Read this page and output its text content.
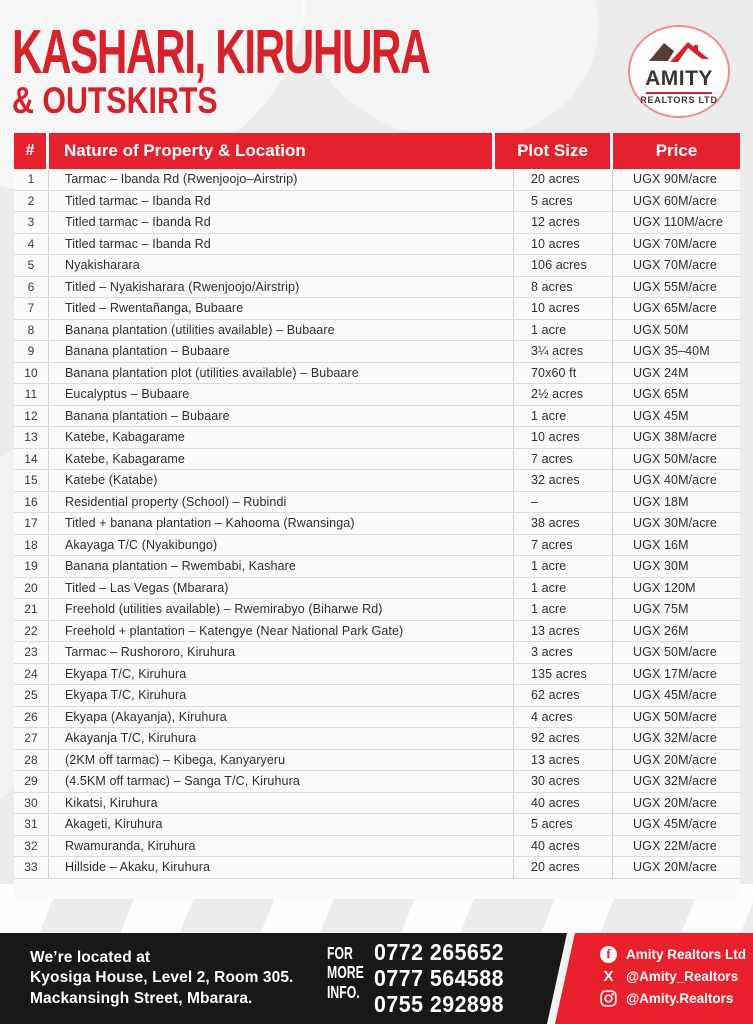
KASHARI, KIRUHURA
& OUTSKIRTS
AMITY
REALTORS LTD
#	Nature of Property & Location	Plot Size	Price
1	Tarmac – Ibanda Rd (Rwenjoojo–Airstrip)	20 acres	UGX 90M/acre
2	Titled tarmac – Ibanda Rd	5 acres	UGX 60M/acre
3	Titled tarmac – Ibanda Rd	12 acres	UGX 110M/acre
4	Titled tarmac – Ibanda Rd	10 acres	UGX 70M/acre
5	Nyakisharara	106 acres	UGX 70M/acre
6	Titled – Nyakisharara (Rwenjoojo/Airstrip)	8 acres	UGX 55M/acre
7	Titled – Rwentañanga, Bubaare	10 acres	UGX 65M/acre
8	Banana plantation (utilities available) – Bubaare	1 acre	UGX 50M
9	Banana plantation – Bubaare	3¼ acres	UGX 35–40M
10	Banana plantation plot (utilities available) – Bubaare	70x60 ft	UGX 24M
11	Eucalyptus – Bubaare	2½ acres	UGX 65M
12	Banana plantation – Bubaare	1 acre	UGX 45M
13	Katebe, Kabagarame	10 acres	UGX 38M/acre
14	Katebe, Kabagarame	7 acres	UGX 50M/acre
15	Katebe (Katabe)	32 acres	UGX 40M/acre
16	Residential property (School) – Rubindi	–	UGX 18M
17	Titled + banana plantation – Kahooma (Rwansinga)	38 acres	UGX 30M/acre
18	Akayaga T/C (Nyakibungo)	7 acres	UGX 16M
19	Banana plantation – Rwembabi, Kashare	1 acre	UGX 30M
20	Titled – Las Vegas (Mbarara)	1 acre	UGX 120M
21	Freehold (utilities available) – Rwemirabyo (Biharwe Rd)	1 acre	UGX 75M
22	Freehold + plantation – Katengye (Near National Park Gate)	13 acres	UGX 26M
23	Tarmac – Rushororo, Kiruhura	3 acres	UGX 50M/acre
24	Ekyapa T/C, Kiruhura	135 acres	UGX 17M/acre
25	Ekyapa T/C, Kiruhura	62 acres	UGX 45M/acre
26	Ekyapa (Akayanja), Kiruhura	4 acres	UGX 50M/acre
27	Akayanja T/C, Kiruhura	92 acres	UGX 32M/acre
28	(2KM off tarmac) – Kibega, Kanyaryeru	13 acres	UGX 20M/acre
29	(4.5KM off tarmac) – Sanga T/C, Kiruhura	30 acres	UGX 32M/acre
30	Kikatsi, Kiruhura	40 acres	UGX 20M/acre
31	Akageti, Kiruhura	5 acres	UGX 45M/acre
32	Rwamuranda, Kiruhura	40 acres	UGX 22M/acre
33	Hillside – Akaku, Kiruhura	20 acres	UGX 20M/acre
We’re located at
Kyosiga House, Level 2, Room 305.
Mackansingh Street, Mbarara.
FOR
MORE
INFO.
0772 265652
0777 564588
0755 292898
f
Amity Realtors Ltd
X
@Amity_Realtors
@Amity.Realtors
